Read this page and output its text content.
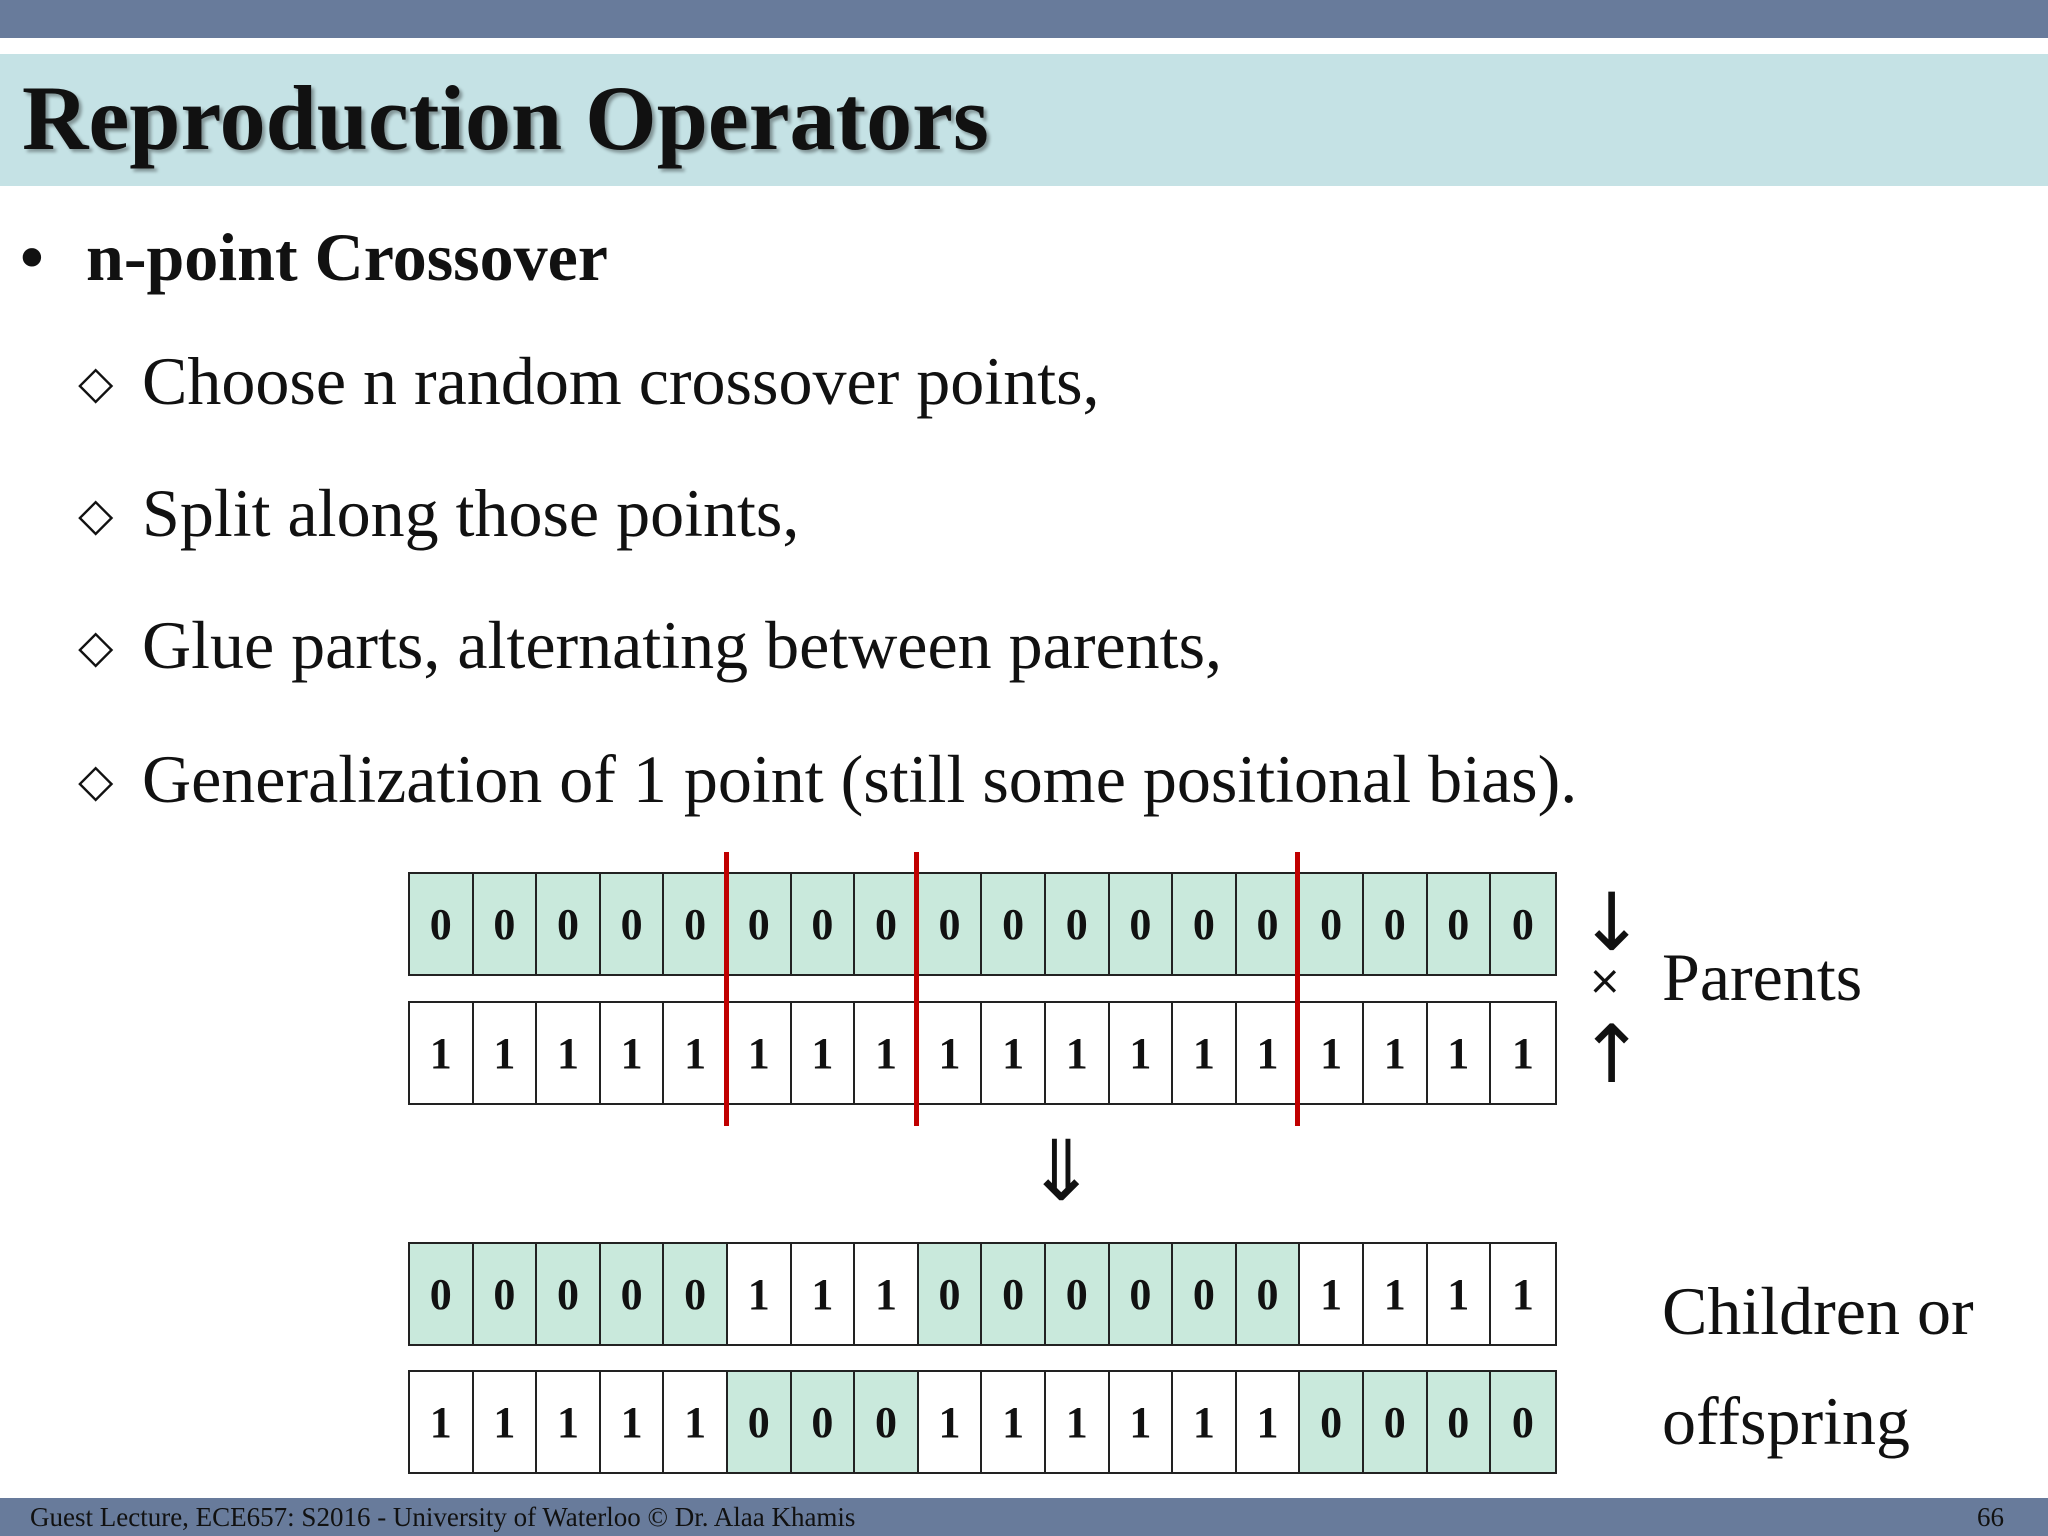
Reproduction Operators
• n-point Crossover
◇ Choose n random crossover points,
◇ Split along those points,
◇ Glue parts, alternating between parents,
◇ Generalization of 1 point (still some positional bias).
0 0 0 0 0 0 0 0 0 0 0 0 0 0 0 0 0 0
1 1 1 1 1 1 1 1 1 1 1 1 1 1 1 1 1 1
↓
×
↑
Parents
⇓
0 0 0 0 0 1 1 1 0 0 0 0 0 0 1 1 1 1
1 1 1 1 1 0 0 0 1 1 1 1 1 1 0 0 0 0
Children or
offspring
Guest Lecture, ECE657: S2016 - University of Waterloo © Dr. Alaa Khamis	66
